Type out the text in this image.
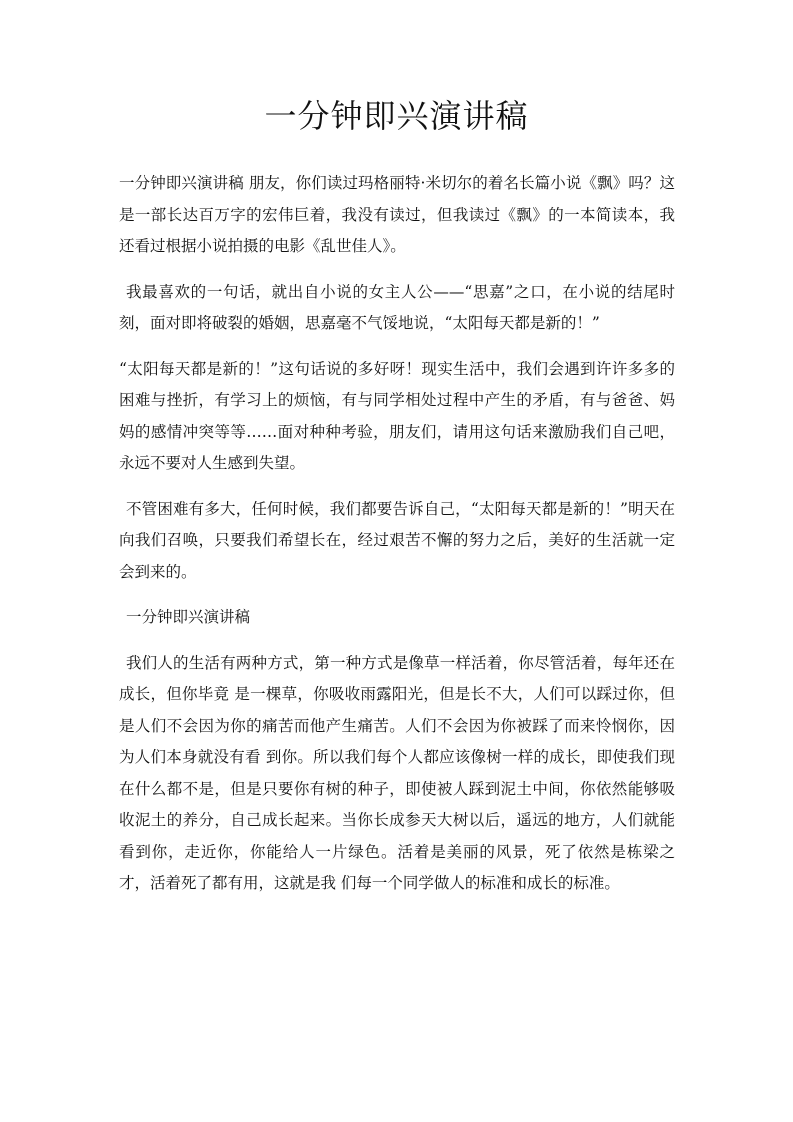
一分钟即兴演讲稿

一分钟即兴演讲稿 朋友，你们读过玛格丽特·米切尔的着名长篇小说《飘》吗？这是一部长达百万字的宏伟巨着，我没有读过，但我读过《飘》的一本简读本，我还看过根据小说拍摄的电影《乱世佳人》。

我最喜欢的一句话，就出自小说的女主人公——“思嘉”之口，在小说的结尾时刻，面对即将破裂的婚姻，思嘉毫不气馁地说，“太阳每天都是新的！”

“太阳每天都是新的！”这句话说的多好呀！现实生活中，我们会遇到许许多多的困难与挫折，有学习上的烦恼，有与同学相处过程中产生的矛盾，有与爸爸、妈妈的感情冲突等等……面对种种考验，朋友们，请用这句话来激励我们自己吧，永远不要对人生感到失望。

不管困难有多大，任何时候，我们都要告诉自己，“太阳每天都是新的！”明天在向我们召唤，只要我们希望长在，经过艰苦不懈的努力之后，美好的生活就一定会到来的。

一分钟即兴演讲稿

我们人的生活有两种方式，第一种方式是像草一样活着，你尽管活着，每年还在成长，但你毕竟 是一棵草，你吸收雨露阳光，但是长不大，人们可以踩过你，但是人们不会因为你的痛苦而他产生痛苦。人们不会因为你被踩了而来怜悯你，因为人们本身就没有看 到你。所以我们每个人都应该像树一样的成长，即使我们现在什么都不是，但是只要你有树的种子，即使被人踩到泥土中间，你依然能够吸收泥土的养分，自己成长起来。当你长成参天大树以后，遥远的地方，人们就能看到你，走近你，你能给人一片绿色。活着是美丽的风景，死了依然是栋梁之才，活着死了都有用，这就是我 们每一个同学做人的标准和成长的标准。
